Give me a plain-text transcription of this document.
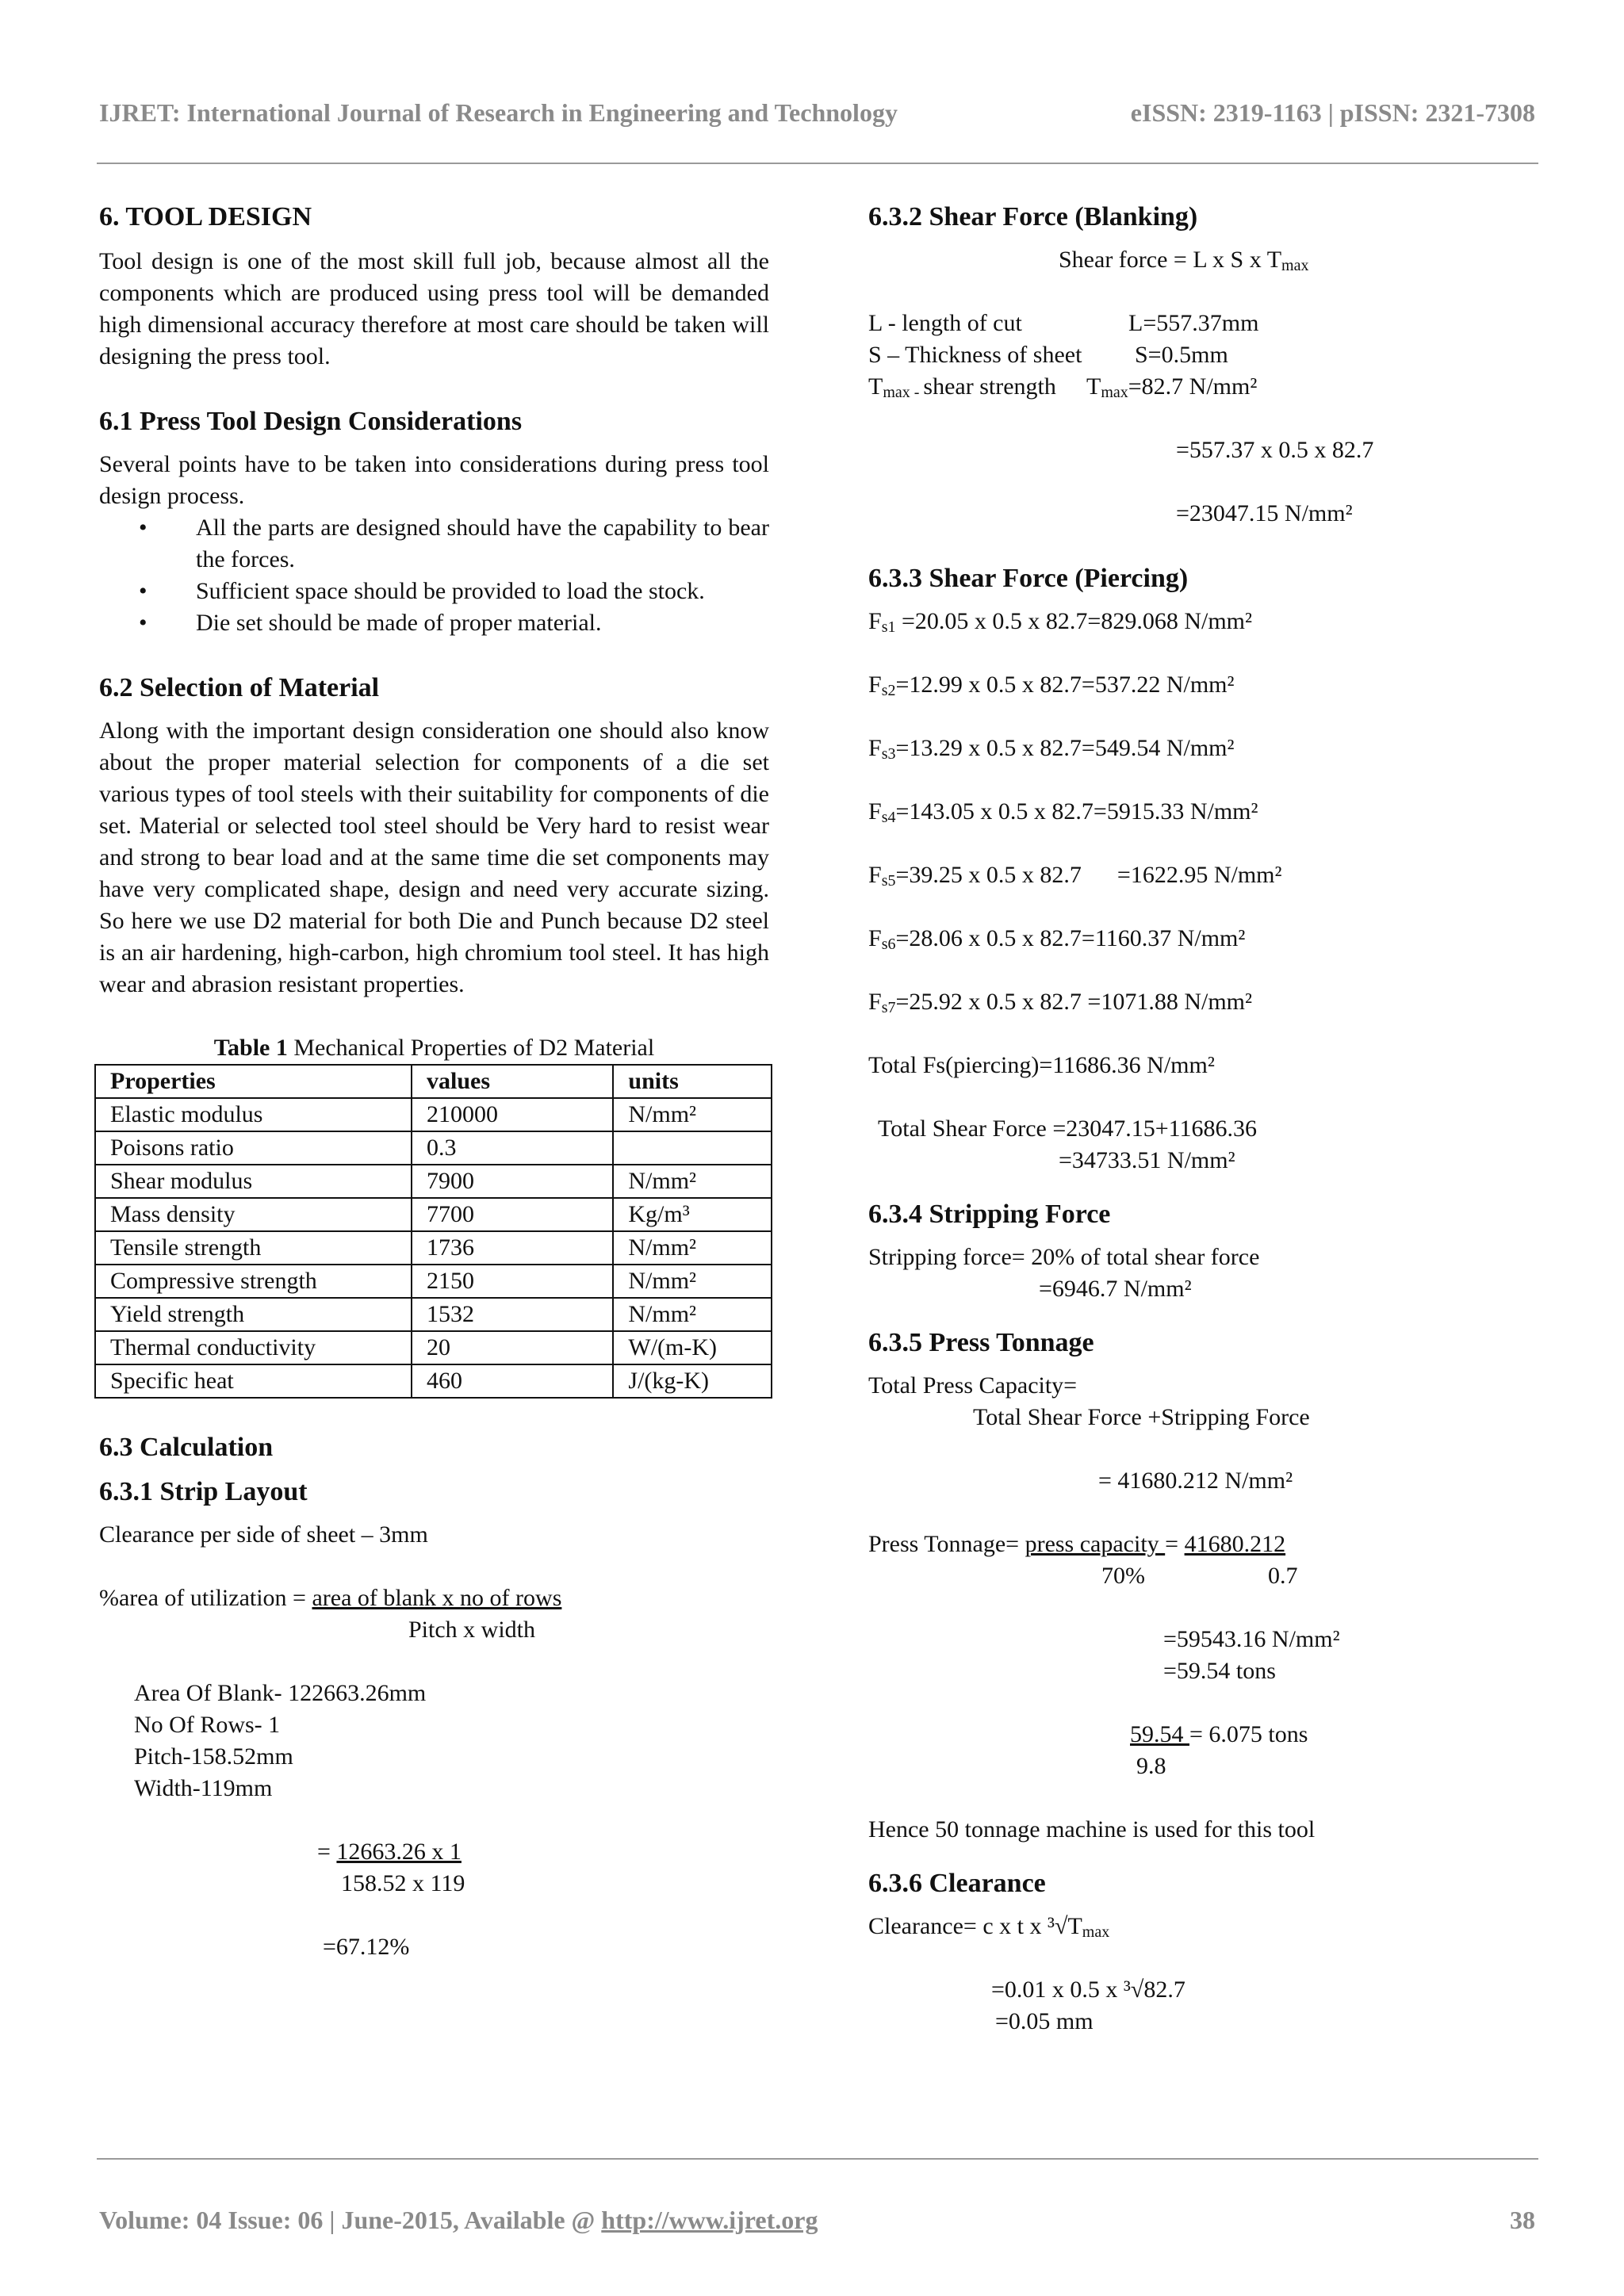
IJRET: International Journal of Research in Engineering and Technology	eISSN: 2319-1163 | pISSN: 2321-7308
6. TOOL DESIGN

Tool design is one of the most skill full job, because almost all the components which are produced using press tool will be demanded high dimensional accuracy therefore at most care should be taken will designing the press tool.

6.1 Press Tool Design Considerations

Several points have to be taken into considerations during press tool design process.

• All the parts are designed should have the capability to bear the forces.
• Sufficient space should be provided to load the stock.
• Die set should be made of proper material.
6.2 Selection of Material

Along with the important design consideration one should also know about the proper material selection for components of a die set various types of tool steels with their suitability for components of die set. Material or selected tool steel should be Very hard to resist wear and strong to bear load and at the same time die set components may have very complicated shape, design and need very accurate sizing. So here we use D2 material for both Die and Punch because D2 steel is an air hardening, high-carbon, high chromium tool steel. It has high wear and abrasion resistant properties.

Table 1 Mechanical Properties of D2 Material
Properties	values	units
Elastic modulus	210000	N/mm²
Poisons ratio	0.3	
Shear modulus	7900	N/mm²
Mass density	7700	Kg/m³
Tensile strength	1736	N/mm²
Compressive strength	2150	N/mm²
Yield strength	1532	N/mm²
Thermal conductivity	20	W/(m-K)
Specific heat	460	J/(kg-K)
6.3 Calculation
6.3.1 Strip Layout

Clearance per side of sheet – 3mm

%area of utilization = area of blank x no of rows

Pitch x width

Area Of Blank- 122663.26mm

No Of Rows- 1

Pitch-158.52mm

Width-119mm

= 12663.26 x 1

158.52 x 119

=67.12%

6.3.2 Shear Force (Blanking)

Shear force = L x S x $T_{max}$

L - length of cut	L=557.37mm

S – Thickness of sheet S=0.5mm

$T_{max -}$ shear strength $T_{max}=82.7$ N/mm²

=557.37 x 0.5 x 82.7

=23047.15 N/mm²

6.3.3 Shear Force (Piercing)

$F_{s1} =20.05$ x 0.5 x 82.7=829.068 N/mm²

$F_{s2}=12.99$ x 0.5 x 82.7=537.22 N/mm²

$F_{s3}=13.29$ x 0.5 x 82.7=549.54 N/mm²

$F_{s4}=143.05$ x 0.5 x 82.7=5915.33 N/mm²

$F_{s5}=39.25$ x 0.5 x 82.7      =1622.95 N/mm²

$F_{s6}=28.06$ x 0.5 x 82.7=1160.37 N/mm²

$F_{s7}=25.92$ x 0.5 x 82.7 =1071.88 N/mm²

Total Fs(piercing)=11686.36 N/mm²

Total Shear Force =23047.15+11686.36

=34733.51 N/mm²

6.3.4 Stripping Force

Stripping force= 20% of total shear force

=6946.7 N/mm²

6.3.5 Press Tonnage

Total Press Capacity=

Total Shear Force +Stripping Force

= 41680.212 N/mm²

Press Tonnage= press capacity = 41680.212

70%	0.7

=59543.16 N/mm²

=59.54 tons

59.54 = 6.075 tons

9.8

Hence 50 tonnage machine is used for this tool

6.3.6 Clearance

Clearance= c x t x $^3√T_{max}$

=0.01 x 0.5 x ³√82.7

=0.05 mm

Volume: 04 Issue: 06 | June-2015, Available @ http://www.ijret.org	38
